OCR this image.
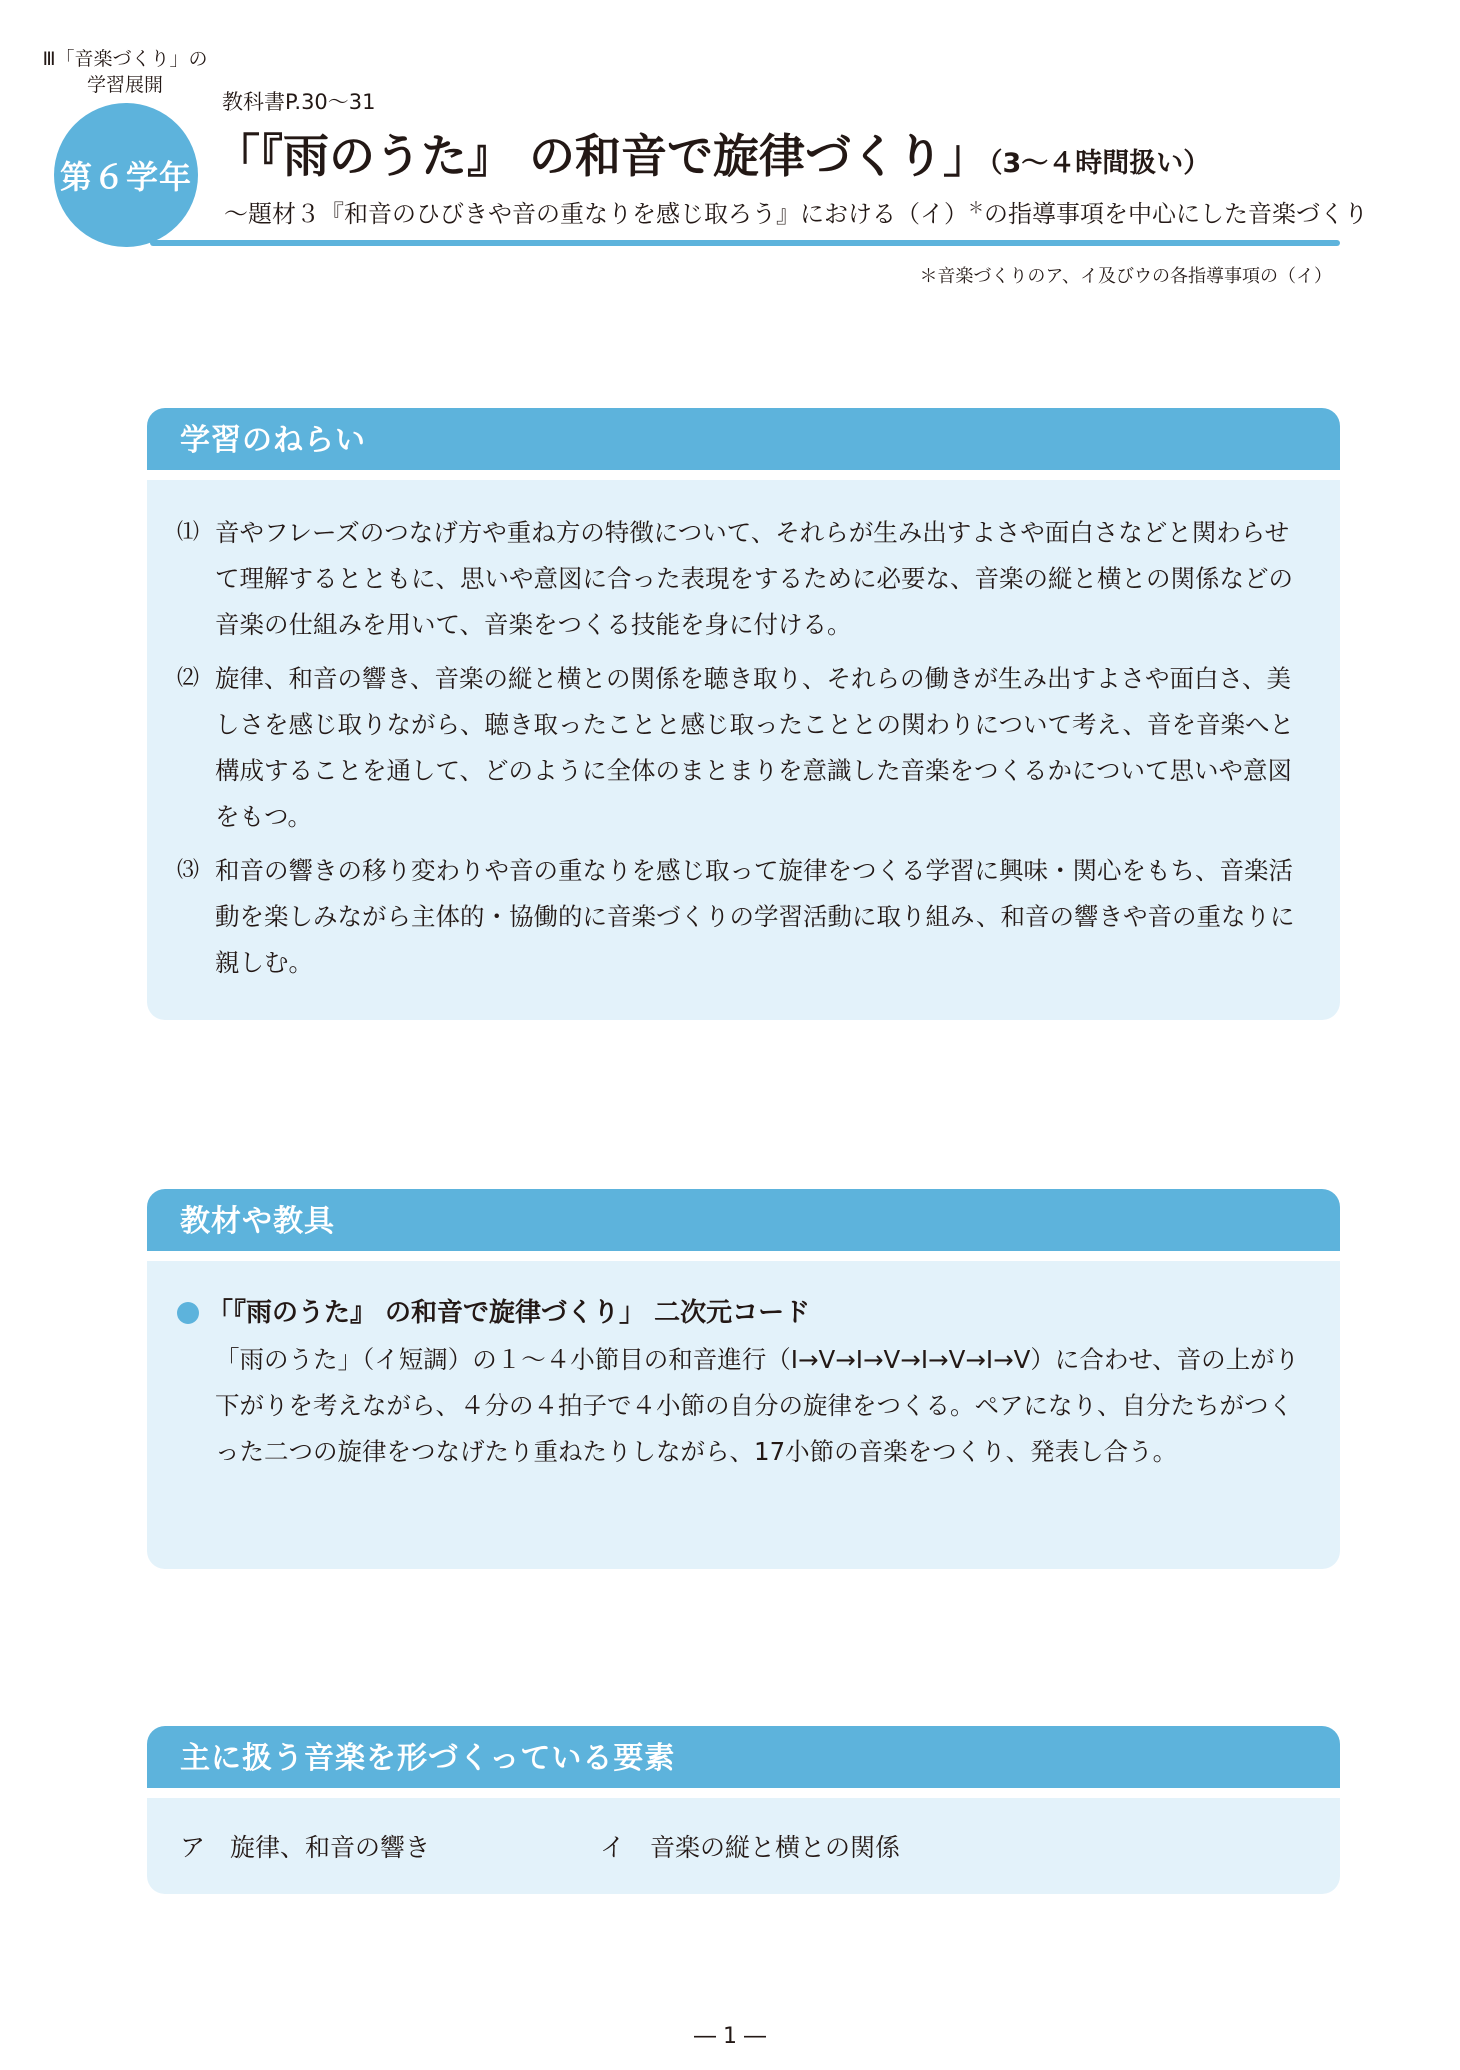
Ⅲ「音楽づくり」の
学習展開
第６学年
教科書P.30〜31
「『雨のうた』 の和音で旋律づくり」（3〜４時間扱い）
〜題材３『和音のひびきや音の重なりを感じ取ろう』における（イ）＊の指導事項を中心にした音楽づくり
＊音楽づくりのア、イ及びウの各指導事項の（イ）
学習のねらい
⑴ 音やフレーズのつなげ方や重ね方の特徴について、それらが生み出すよさや面白さなどと関わらせて理解するとともに、思いや意図に合った表現をするために必要な、音楽の縦と横との関係などの音楽の仕組みを用いて、音楽をつくる技能を身に付ける。
⑵ 旋律、和音の響き、音楽の縦と横との関係を聴き取り、それらの働きが生み出すよさや面白さ、美しさを感じ取りながら、聴き取ったことと感じ取ったこととの関わりについて考え、音を音楽へと構成することを通して、どのように全体のまとまりを意識した音楽をつくるかについて思いや意図をもつ。
⑶ 和音の響きの移り変わりや音の重なりを感じ取って旋律をつくる学習に興味・関心をもち、音楽活動を楽しみながら主体的・協働的に音楽づくりの学習活動に取り組み、和音の響きや音の重なりに親しむ。
教材や教具
「『雨のうた』 の和音で旋律づくり」 二次元コード
「雨のうた」（イ短調）の１〜４小節目の和音進行（Ⅰ→Ⅴ→Ⅰ→Ⅴ→Ⅰ→Ⅴ→Ⅰ→Ⅴ）に合わせ、音の上がり下がりを考えながら、４分の４拍子で４小節の自分の旋律をつくる。ペアになり、自分たちがつくった二つの旋律をつなげたり重ねたりしながら、17小節の音楽をつくり、発表し合う。
主に扱う音楽を形づくっている要素
ア　旋律、和音の響き	イ　音楽の縦と横との関係
― 1 ―
